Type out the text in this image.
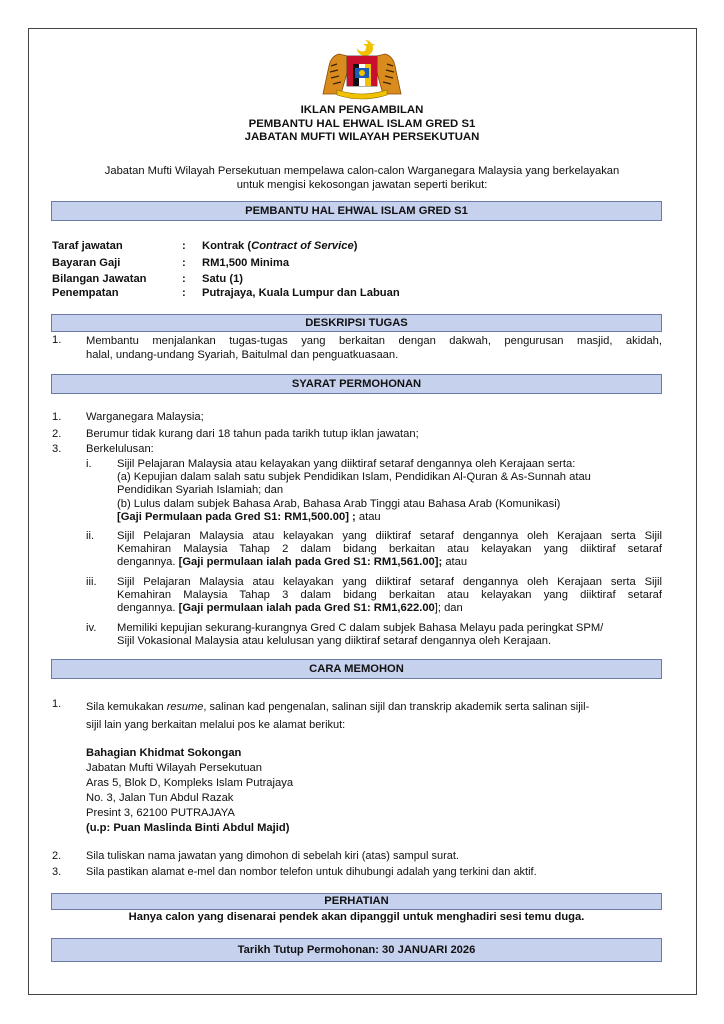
IKLAN PENGAMBILAN
PEMBANTU HAL EHWAL ISLAM GRED S1
JABATAN MUFTI WILAYAH PERSEKUTUAN
Jabatan Mufti Wilayah Persekutuan mempelawa calon-calon Warganegara Malaysia yang berkelayakan
untuk mengisi kekosongan jawatan seperti berikut:
PEMBANTU HAL EHWAL ISLAM GRED S1
Taraf jawatan	: Kontrak (Contract of Service)
Bayaran Gaji	: RM1,500 Minima
Bilangan Jawatan	: Satu (1)
Penempatan	: Putrajaya, Kuala Lumpur dan Labuan
DESKRIPSI TUGAS
1. Membantu menjalankan tugas-tugas yang berkaitan dengan dakwah, pengurusan masjid, akidah,
halal, undang-undang Syariah, Baitulmal dan penguatkuasaan.
SYARAT PERMOHONAN
1. Warganegara Malaysia;
2. Berumur tidak kurang dari 18 tahun pada tarikh tutup iklan jawatan;
3. Berkelulusan:
i. Sijil Pelajaran Malaysia atau kelayakan yang diiktiraf setaraf dengannya oleh Kerajaan serta:
(a) Kepujian dalam salah satu subjek Pendidikan Islam, Pendidikan Al-Quran & As-Sunnah atau
Pendidikan Syariah Islamiah; dan
(b) Lulus dalam subjek Bahasa Arab, Bahasa Arab Tinggi atau Bahasa Arab (Komunikasi)
[Gaji Permulaan pada Gred S1: RM1,500.00] ; atau
ii. Sijil Pelajaran Malaysia atau kelayakan yang diiktiraf setaraf dengannya oleh Kerajaan serta Sijil
Kemahiran Malaysia Tahap 2 dalam bidang berkaitan atau kelayakan yang diiktiraf setaraf
dengannya. [Gaji permulaan ialah pada Gred S1: RM1,561.00]; atau
iii. Sijil Pelajaran Malaysia atau kelayakan yang diiktiraf setaraf dengannya oleh Kerajaan serta Sijil
Kemahiran Malaysia Tahap 3 dalam bidang berkaitan atau kelayakan yang diiktiraf setaraf
dengannya. [Gaji permulaan ialah pada Gred S1: RM1,622.00]; dan
iv. Memiliki kepujian sekurang-kurangnya Gred C dalam subjek Bahasa Melayu pada peringkat SPM/
Sijil Vokasional Malaysia atau kelulusan yang diiktiraf setaraf dengannya oleh Kerajaan.
CARA MEMOHON
1. Sila kemukakan resume, salinan kad pengenalan, salinan sijil dan transkrip akademik serta salinan sijil-
sijil lain yang berkaitan melalui pos ke alamat berikut:
Bahagian Khidmat Sokongan
Jabatan Mufti Wilayah Persekutuan
Aras 5, Blok D, Kompleks Islam Putrajaya
No. 3, Jalan Tun Abdul Razak
Presint 3, 62100 PUTRAJAYA
(u.p: Puan Maslinda Binti Abdul Majid)
2. Sila tuliskan nama jawatan yang dimohon di sebelah kiri (atas) sampul surat.
3. Sila pastikan alamat e-mel dan nombor telefon untuk dihubungi adalah yang terkini dan aktif.
PERHATIAN
Hanya calon yang disenarai pendek akan dipanggil untuk menghadiri sesi temu duga.
Tarikh Tutup Permohonan: 30 JANUARI 2026
